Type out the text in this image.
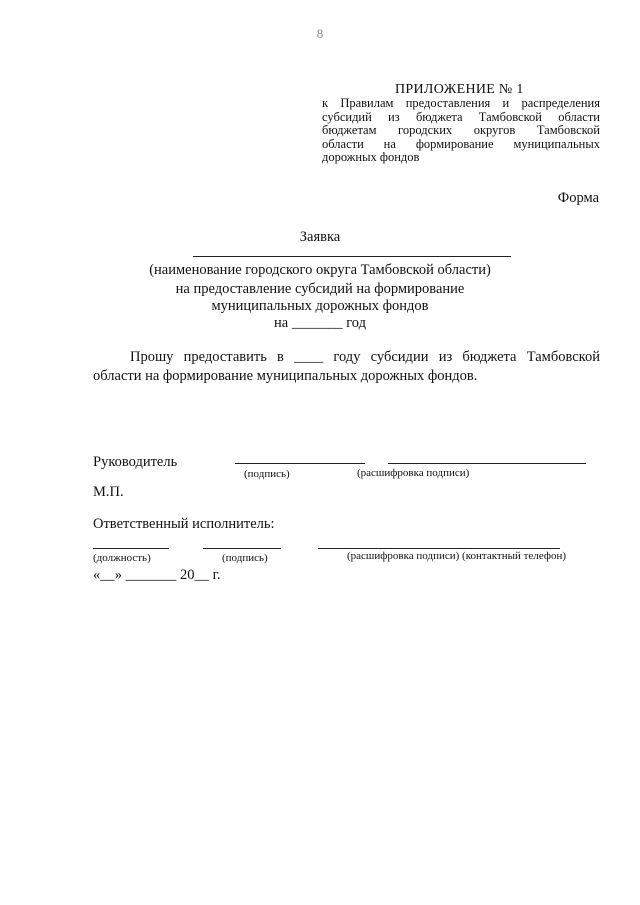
8
ПРИЛОЖЕНИЕ № 1
к Правилам предоставления и распределения
субсидий из бюджета Тамбовской области
бюджетам городских округов Тамбовской
области на формирование муниципальных
дорожных фондов
Форма
Заявка
(наименование городского округа Тамбовской области)
на предоставление субсидий на формирование
муниципальных дорожных фондов
на _______ год
Прошу предоставить в ____ году субсидии из бюджета Тамбовской
области на формирование муниципальных дорожных фондов.
Руководитель
(подпись)	(расшифровка подписи)
М.П.
Ответственный исполнитель:
(должность)	(подпись)	(расшифровка подписи) (контактный телефон)
«__» _______ 20__ г.
